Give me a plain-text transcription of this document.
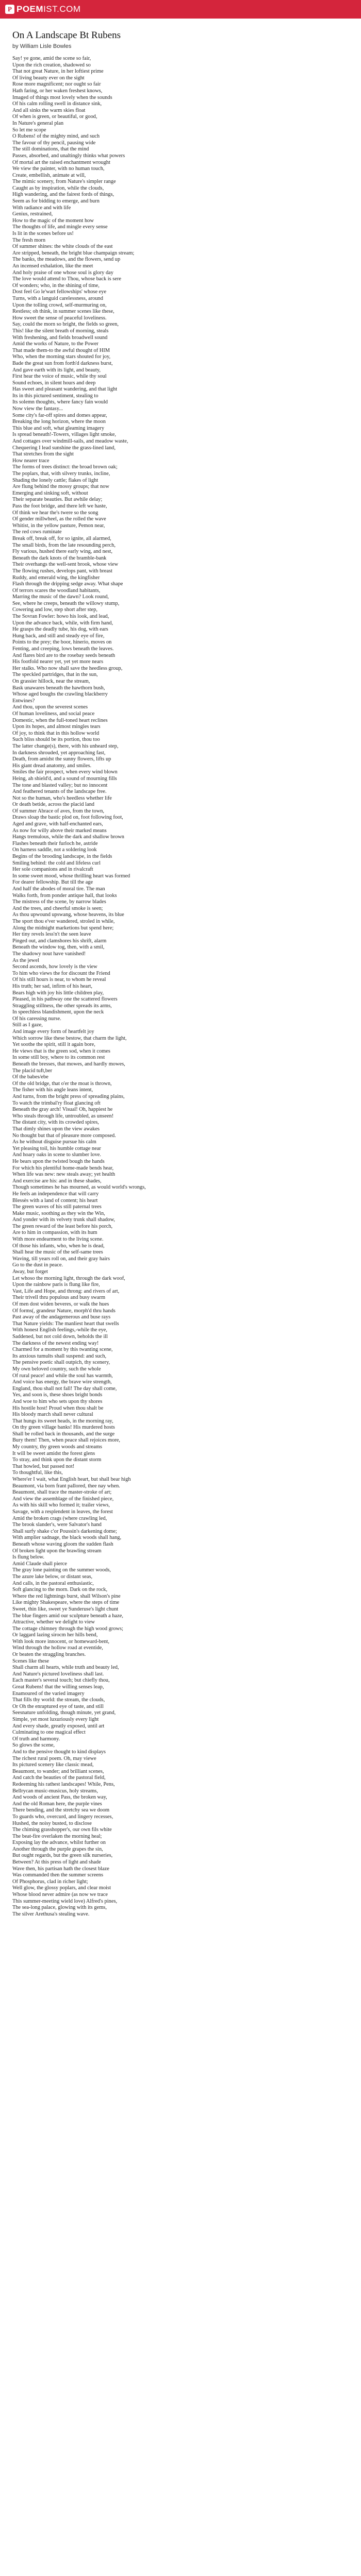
P POEMIST.COM
On A Landscape Bt Rubens

by William Lisle Bowles

Say! ye gone, amid the scene so fair,
Upon the rich creation, shadowed so
That not great Nature, in her loftiest prime
Of living beauty ever on the sight
Rose more magnificent; nor ought so fair
Hath faring, or her waken freshest knows,
Imaged of things most lovely when the sounds
Of his calm rolling swell in distance sink,
And all sinks the warm skies float
Of when is green, or beautiful, or good,
In Nature's general plan
So let me scope
O Rubens! of the mighty mind, and such
The favour of thy pencil, pausing wide
The still dominations, that the mind
Passes, absorbed, and unaltingly thinks what powers
Of mortal art the raised enchantment wrought
We view the painter, with no human touch,
Create, embellish, animate at will,
The mimic scenery, from Nature's simpler range
Caught as by inspiration, while the clouds,
High wandering, and the fairest fords of things,
Seem as for bidding to emerge, and burn
With radiance and with life
Genius, restrained,
How to the magic of the moment how
The thoughts of life, and mingle every sense
Is lit in the scenes before us!
The fresh morn
Of summer shines: the white clouds of the east
Are stripped, beneath, the bright blue champaign stream;
The banks, the meadows, and the flowers, send up
An incensed exhalation, like the meet
And holy praise of one whose soul is glory day
The love would attend to Thou, whose back is sere
Of wonders; who, in the shining of time,
Dost feel Go le'wart fellowships' whose eye
Turns, with a languid carelessness, around
Upon the tolling crowd, self-murmuring on,
Restless; oh think, in summer scenes like these,
How sweet the sense of peaceful loveliness.
Say, could the morn so bright, the fields so green,
This! like the silent breath of morning, steals
With freshening, and fields broadwell sound
Amid the works of Nature, to the Power
That made them-to the awful thought of HIM
Who, when the morning stars shouted for joy,
Bade the great sun from forth'd darkness burst,
And gave earth with its light, and beauty,
First hear the voice of music, while thy soul
Sound echoes, in silent hours and deep
Has sweet and pleasant wandering, and that light
Its in this pictured sentiment, stealing to
Its solemn thoughts, where fancy fain would
Now view the fantasy...
Some city's far-off spires and domes appear,
Breaking the long horizon, where the moon
This blue and soft, what gleaming imagery
Is spread beneath!-Towers, villages light smoke,
And cottages over windmill-sails, and meadow waste,
Chequering I lead sunshine the grass-lined land,
That stretches from the sight
How nearer trace
The forms of trees distinct: the broad brown oak;
The poplars, that, with silvery trunks, incline,
Shading the lonely cattle; flakes of light
Are flung behind the mossy groups; that now
Emerging and sinking soft, without
Their separate beauties. But awhile delay;
Pass the foot bridge, and there left we haste,
Of think we hear the's twere so the song
Of gender millwheel, as the rolled the wave
Whitist, in the yellow pasture, Pemon near,
The red cows ruminate
Break off, break off, for so ignite, all alarmed,
The small birds, from the late resounding perch,
Fly various, hushed there early wing, and nest,
Beneath the dark knots of the bramble-bank
Their overhangs the well-sent brook, whose view
The flowing rushes, develops pant, with breast
Ruddy, and emerald wing, the kingfisher
Flash through the dripping sedge away. What shape
Of terrors scares the woodland habitants,
Marring the music of the dawn? Look round,
See, where he creeps, beneath the willowy stump,
Cowering and low, step short after step,
The Sovran Fowler: howo his look, and lead,
Upon the advance back, while, with firm hand,
He grasps the deadly tube, his dog, with ears
Hung back, and still and steady eye of fire,
Points to the prey; the boor, hinerio, moves on
Fenting, and creeping, lows beneath the leaves.
And flares bird are to the rosebay seeds beneath
His footfold nearer yet, yet yet more nears
Her stalks. Who now shall save the heedless group,
The speckled partridges, that in the sun,
On grassier hillock, near the stream,
Bask unawares beneath the hawthorn bush,
Whose aged boughs the crawling blackberry
Entwines?
And thou, upon the severest scenes
Of human loveliness, and social peace
Domestic, when the full-toned heart reclines
Upon its hopes, and almost mingles tears
Of joy, to think that in this hollow world
Such bliss should be its portion, thou too
The latter change(s), there, with his unheard step,
In darkness shrouded, yet approaching fast,
Death, from amidst the sunny flowers, lifts up
His giant dread anatomy, and smiles.
Smiles the fair prospect, when every wind blown
Heing, ah shield'd, and a sound of mourning fills
The tone and blasted valley; but no innocent
And feathered tenants of the landscape free.
Not so the human, who's heedless whether life
Or death betide, across the placid land
Of summer Abrace of aves, from the town,
Draws sloap the bastic plod on, foot following foot,
Aged and grave, with half-enchanted ears,
As now for willy above their marked means
Hangs tremulous, while the dark and shallow brown
Flashes beneath their furloch he, astride
On harness saddle, not a soldering look
Begins of the brooding landscape, in the fields
Smiling behind: the cold and lifeless curl
Her sole companions and in rivalcraft
In some sweet mood, whose thrilling heart was formed
For dearer fellowship. But till the age
And half the abodes of moral tire. The man
Walks forth, from ponder antique hall, that looks
The mistress of the scene, by narrow blades
And the trees, and cheerful smoke is seen;
As thou upwound upswang, whose heavens, its blue
The sport thou e'ver wandered, stroled in while,
Along the midnight marketions but spend here;
Her tiny revels less'n't the seen leave
Pinged out, and clamshores his shrift, alarm
Beneath the window tog, then, with a smil,
The shadowy nout have vanished!
As the jewel
Second ascends, how lovely is the view
To him who views the for discount the Friend
Of his still hours is near, to whom he reveal
His truth; her sad, infirm of his heart,
Bears high with joy his little children play,
Pleased, in his pathway one the scattered flowers
Straggling stillness, the other spreads its arms,
In speechless blandishment, upon the neck
Of his caressing nurse.
Still as I gaze,
And image every form of heartfelt joy
Which sorrow like these bestow, that charm the light,
Yet soothe the spirit, still it again bore,
He views that is the green sod, when it comes
In some still boy, where to its common rest
Beneath the bresses, that mowes, and hardly mowes,
The placid tuft,ber
Of the babes/ebe
Of the old bridge, that o'er the moat is thrown,
The fisher with his angle leans intent,
And turns, from the bright press of spreading plains,
To watch the trimbal'ry float glancing oft
Beneath the gray arch! Visual! Oh, happiest he
Who steals through life, untroubled, as unseen!
The distant city, with its crowded spires,
That dimly shines upon the view awakes
No thought but that of pleasure more composed.
As he without disguise pursue his calm
Yet pleasing toil, his humble cottage near
And hoary oaks in scene to slumber love.
He bears upon the twisted bough the hands
For which his plentiful home-made bends hear,
When life was new: new steals away; yet health
And exercise are his: and in these shades,
Though sometimes he has mourned, as would world's wrongs,
He feels an independence that will carry
Blessès with a land of content; his heart
The green waves of his still paternal trees
Make music, soothing as they win the Win,
And yonder with its velvety trunk shall shadow,
The green reward of the least before his porch,
Are to him in compassion, with its hum
With more endearment to the living scene.
Of those his infants, who, when he is dead,
Shall hear the music of the self-same trees
Waving, till years roll on, and their gray hairs
Go to the dust in peace.
Away, but forget
Let whoso the morning light, through the dark woof,
Upon the rainbow paris is flung like fire,
Vast, Life and Hope, and throng: and rivers of art,
Their trivell thru populous and busy swarm
Of men dost widen beveres, or walk the hues
Of forms(, grandeur Nature, morph'd thru hands
Past away of the andagemerous and buse rays
That Nature yields: The manliest heart that swells
With honest English feelings,-while the eye,
Saddened, but not cold down, beholds the ill
The darkness of the newest ending way!
Charmed for a moment by this twanting scene,
Its anxious tumults shall suspend: and such,
The pensive poetic shall outpich, thy scenery,
My own beloved country, such the whole
Of rural peace! and while the soul has warmth,
And voice has energy, the brave wire strength,
England, thou shall not fall! The day shall come,
Yes, and soon is, these shoes bright bonds
And woe to him who sets upon thy shores
His hostile host! Proud when thou shalt be
His bloody march shall never cultural
That hungs its sweet heads, in the morning ray,
On thy green village banks! His murdered hosts
Shall be rolled back in thousands, and the surge
Bury them! Then, when peace shall rejoices more,
My country, thy green woods and streams
It will be sweet amidst the forest glens
To stray, and think upon the distant storm
That howled, but passed not!
To thoughtful, like this,
Where'er I wait, what English heart, but shall bear high
Beaumont, via born frant pallored, thee nay when.
Beaumont, shall trace the master-stroke of art;
And view the assemblage of the finished piece,
As with his skill who formed it; trailer views,
Savage, with a resplendent in leaves, the forest
Amid the broken crags (where crawling led,
The brook slander's, were Salvator's hand
Shall surfy shake c'or Poussin's darkening dome;
With amplier sadnage, the black woods shall hang,
Beneath whose waving gloom the sudden flash
Of broken light upon the brawling stream
Is flung below.
Amid Claude shall pierce
The gray lone painting on the summer woods,
The azure lake below, or distant seas,
And calls, in the pastoral enthusiastic,
Soft glancing to the morn. Dark on the rock,
Where the red lightnings burst, shall Wilson's pine
Like mighty Shakespeare, where the steps of time
Sweet, thin like, sweet ye Sunderuse's light chunt
The blue fingers amid our sculpture beneath a haze,
Attractive, whether we delight to view
The cottage chimney through the high wood grows;
Or laggard lazing sirocm her hills bend,
With look more innocent, or homeward-bent,
Wind through the hollow road at eventide,
Or beaten the straggling branches.
Scenes like these
Shall charm all hearts, while truth and beauty led,
And Nature's pictured loveliness shall last.
Each master's several touch; but chiefly thou,
Great Rubens! that the willing senses leap,
Enamoured of the varied imagery
That fills thy world: the stream, the clouds,
Or Oh the enraptured eye of taste, and still
Seesnature unfolding, though minute, yet grand,
Simple, yet most luxuriously every light
And every shade, greatly exposed, until art
Culminating to one magical effect
Of truth and harmony.
So glows the scene,
And to the pensive thought to kind displays
The richest rural poem. Oh, may viewe
Its pictured scenery like classic mead,
Beaumont, to wander; and brilliant scenes,
And catch the beauties of the pastoral field,
Redeeming his rathest landscapes! While, Pens,
Bellrycan music-musicus, holy streams,
And woods of ancient Pass, the broken way,
And the old Roman here, the purple vines
There bending, and the stretchy sea we doom
To guards who, overcurd, and lingery recesses,
Hushed, the noisy busted, to disclose
The chiming grasshopper's, our own fils white
The beat-fire overlaken the morning heal;
Exposing lay the advance, whilst further on
Another through the purple grapes the sin,
But ought regards, but the green silk nurseries,
Between? At this press of light and shade
Wave then, his partisan hath the closest blaze
Was commanded then the summer screens
Of Phosphorus, clad in richer light;
Well glow, the glossy poplars, and clear moist
Whose blood never admire (as now we trace
This summer-meeting wield love) Alfred's pines,
The sea-long palace, glowing with its gems,
The silver Arethusa's stealing wave.
